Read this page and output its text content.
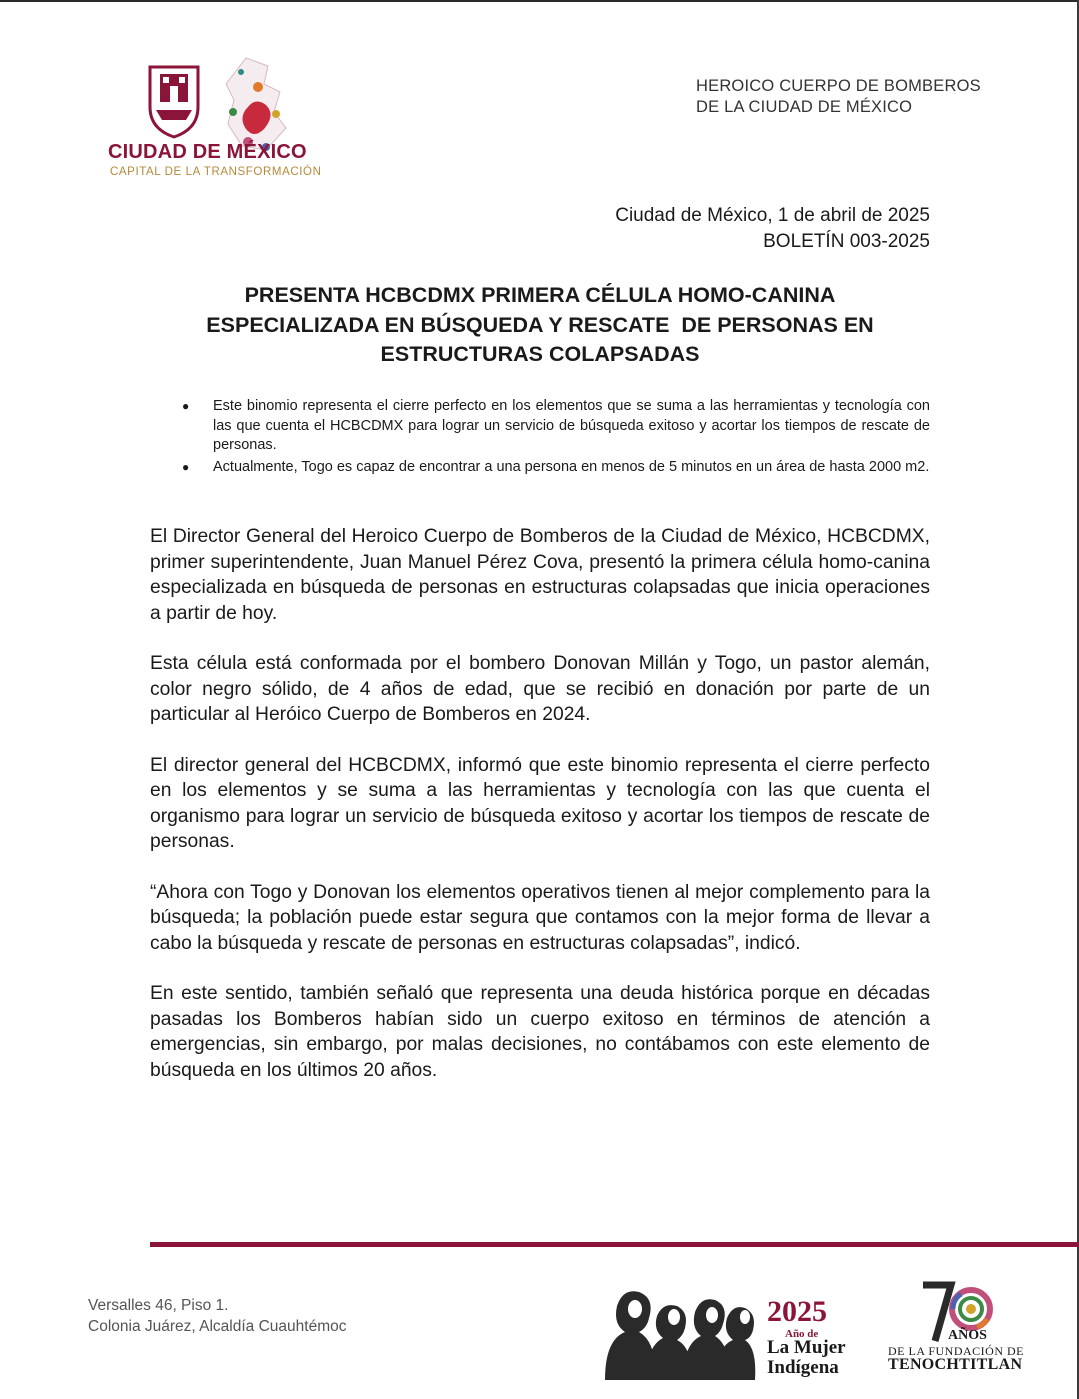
CIUDAD DE MÉXICO
CAPITAL DE LA TRANSFORMACIÓN
HEROICO CUERPO DE BOMBEROS
DE LA CIUDAD DE MÉXICO
Ciudad de México, 1 de abril de 2025
BOLETÍN 003-2025
PRESENTA HCBCDMX PRIMERA CÉLULA HOMO-CANINA
ESPECIALIZADA EN BÚSQUEDA Y RESCATE  DE PERSONAS EN
ESTRUCTURAS COLAPSADAS
● Este binomio representa el cierre perfecto en los elementos que se suma a las herramientas y tecnología con las que cuenta el HCBCDMX para lograr un servicio de búsqueda exitoso y acortar los tiempos de rescate de personas.
● Actualmente, Togo es capaz de encontrar a una persona en menos de 5 minutos en un área de hasta 2000 m2.

El Director General del Heroico Cuerpo de Bomberos de la Ciudad de México, HCBCDMX, primer superintendente, Juan Manuel Pérez Cova, presentó la primera célula homo-canina especializada en búsqueda de personas en estructuras colapsadas que inicia operaciones a partir de hoy.

Esta célula está conformada por el bombero Donovan Millán y Togo, un pastor alemán, color negro sólido, de 4 años de edad, que se recibió en donación por parte de un particular al Heróico Cuerpo de Bomberos en 2024.

El director general del HCBCDMX, informó que este binomio representa el cierre perfecto en los elementos y se suma a las herramientas y tecnología con las que cuenta el organismo para lograr un servicio de búsqueda exitoso y acortar los tiempos de rescate de personas.

“Ahora con Togo y Donovan los elementos operativos tienen al mejor complemento para la búsqueda; la población puede estar segura que contamos con la mejor forma de llevar a cabo la búsqueda y rescate de personas en estructuras colapsadas”, indicó.

En este sentido, también señaló que representa una deuda histórica porque en décadas pasadas los Bomberos habían sido un cuerpo exitoso en términos de atención a emergencias, sin embargo, por malas decisiones, no contábamos con este elemento de búsqueda en los últimos 20 años.

Versalles 46, Piso 1.
Colonia Juárez, Alcaldía Cuauhtémoc	2025
Año de
La Mujer
Indígena
AÑOS
DE LA FUNDACIÓN DE
TENOCHTITLAN
